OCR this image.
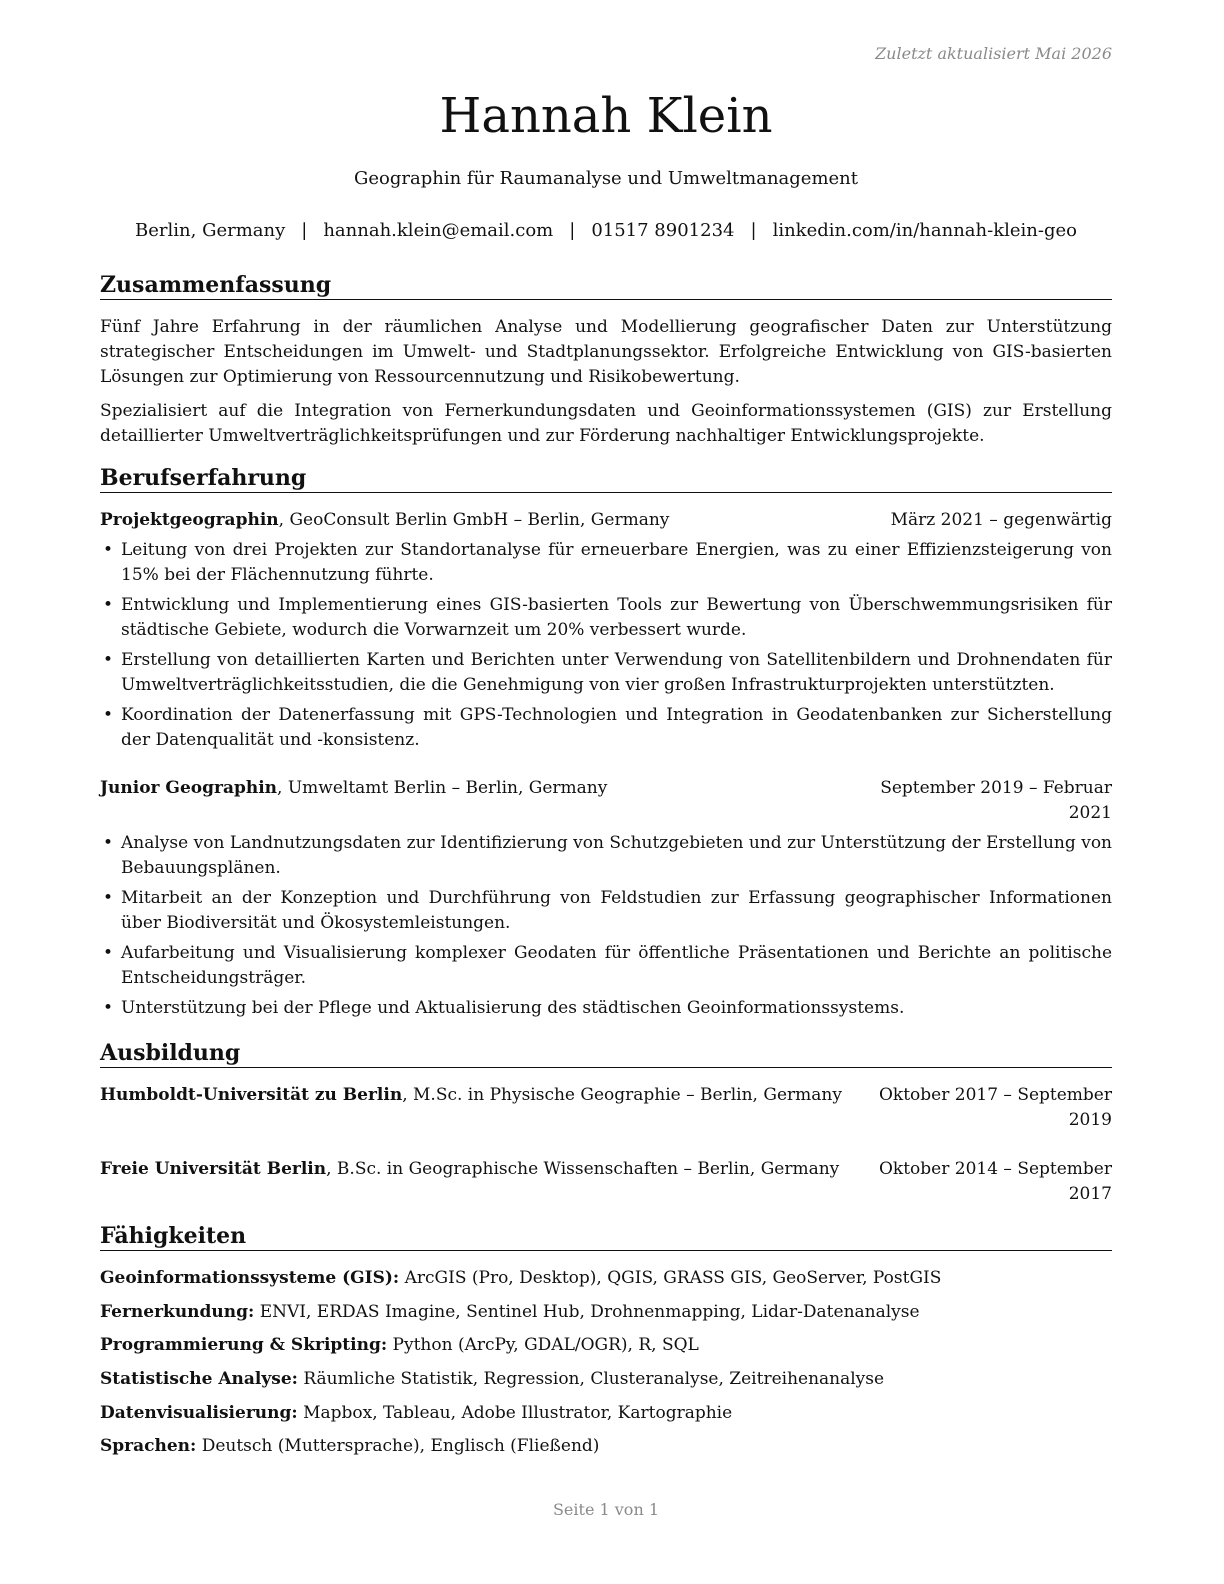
Zuletzt aktualisiert Mai 2026
Hannah Klein
Geographin für Raumanalyse und Umweltmanagement
Berlin, Germany | hannah.klein@email.com | 01517 8901234 | linkedin.com/in/hannah-klein-geo
Zusammenfassung
Fünf Jahre Erfahrung in der räumlichen Analyse und Modellierung geografischer Daten zur Unterstützung strategischer Entscheidungen im Umwelt- und Stadtplanungssektor. Erfolgreiche Entwicklung von GIS-basierten Lösungen zur Optimierung von Ressourcennutzung und Risikobewertung.
Spezialisiert auf die Integration von Fernerkundungsdaten und Geoinformationssystemen (GIS) zur Erstellung detaillierter Umweltverträglichkeitsprüfungen und zur Förderung nachhaltiger Entwicklungsprojekte.
Berufserfahrung
Projektgeographin, GeoConsult Berlin GmbH – Berlin, Germany	März 2021 – gegenwärtig
• Leitung von drei Projekten zur Standortanalyse für erneuerbare Energien, was zu einer Effizienzsteigerung von 15% bei der Flächennutzung führte.
• Entwicklung und Implementierung eines GIS-basierten Tools zur Bewertung von Überschwemmungsrisiken für städtische Gebiete, wodurch die Vorwarnzeit um 20% verbessert wurde.
• Erstellung von detaillierten Karten und Berichten unter Verwendung von Satellitenbildern und Drohnendaten für Umweltverträglichkeitsstudien, die die Genehmigung von vier großen Infrastrukturprojekten unterstützten.
• Koordination der Datenerfassung mit GPS-Technologien und Integration in Geodatenbanken zur Sicherstellung der Datenqualität und -konsistenz.
Junior Geographin, Umweltamt Berlin – Berlin, Germany	September 2019 – Februar 2021
• Analyse von Landnutzungsdaten zur Identifizierung von Schutzgebieten und zur Unterstützung der Erstellung von Bebauungsplänen.
• Mitarbeit an der Konzeption und Durchführung von Feldstudien zur Erfassung geographischer Informationen über Biodiversität und Ökosystemleistungen.
• Aufarbeitung und Visualisierung komplexer Geodaten für öffentliche Präsentationen und Berichte an politische Entscheidungsträger.
• Unterstützung bei der Pflege und Aktualisierung des städtischen Geoinformationssystems.
Ausbildung
Humboldt-Universität zu Berlin, M.Sc. in Physische Geographie – Berlin, Germany	Oktober 2017 – September 2019
Freie Universität Berlin, B.Sc. in Geographische Wissenschaften – Berlin, Germany	Oktober 2014 – September 2017
Fähigkeiten
Geoinformationssysteme (GIS): ArcGIS (Pro, Desktop), QGIS, GRASS GIS, GeoServer, PostGIS
Fernerkundung: ENVI, ERDAS Imagine, Sentinel Hub, Drohnenmapping, Lidar-Datenanalyse
Programmierung & Skripting: Python (ArcPy, GDAL/OGR), R, SQL
Statistische Analyse: Räumliche Statistik, Regression, Clusteranalyse, Zeitreihenanalyse
Datenvisualisierung: Mapbox, Tableau, Adobe Illustrator, Kartographie
Sprachen: Deutsch (Muttersprache), Englisch (Fließend)
Seite 1 von 1
